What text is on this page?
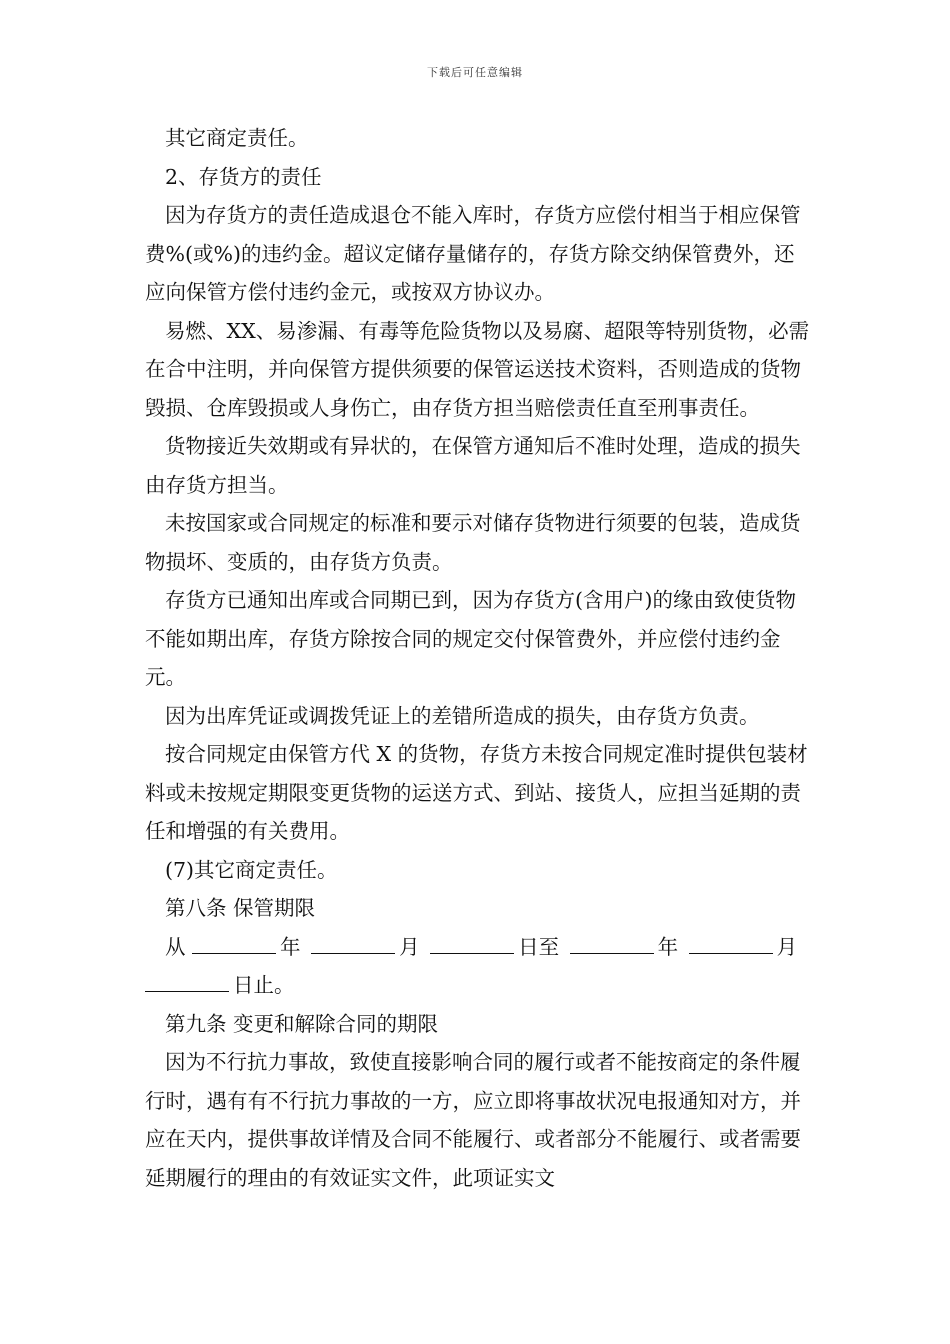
下载后可任意编辑

其它商定责任。

2、存货方的责任

因为存货方的责任造成退仓不能入库时，存货方应偿付相当于相应保管费%(或%)的违约金。超议定储存量储存的，存货方除交纳保管费外，还应向保管方偿付违约金元，或按双方协议办。

易燃、XX、易渗漏、有毒等危险货物以及易腐、超限等特别货物，必需在合中注明，并向保管方提供须要的保管运送技术资料，否则造成的货物毁损、仓库毁损或人身伤亡，由存货方担当赔偿责任直至刑事责任。

货物接近失效期或有异状的，在保管方通知后不准时处理，造成的损失由存货方担当。

未按国家或合同规定的标准和要示对储存货物进行须要的包装，造成货物损坏、变质的，由存货方负责。

存货方已通知出库或合同期已到，因为存货方(含用户)的缘由致使货物不能如期出库，存货方除按合同的规定交付保管费外，并应偿付违约金元。

因为出库凭证或调拨凭证上的差错所造成的损失，由存货方负责。

按合同规定由保管方代 X 的货物，存货方未按合同规定准时提供包装材料或未按规定期限变更货物的运送方式、到站、接货人，应担当延期的责任和增强的有关费用。

(7)其它商定责任。

第八条 保管期限

从	年	月	日至	年	月

日止。

第九条 变更和解除合同的期限

因为不行抗力事故，致使直接影响合同的履行或者不能按商定的条件履行时，遇有有不行抗力事故的一方，应立即将事故状况电报通知对方，并应在天内，提供事故详情及合同不能履行、或者部分不能履行、或者需要延期履行的理由的有效证实文件，此项证实文
